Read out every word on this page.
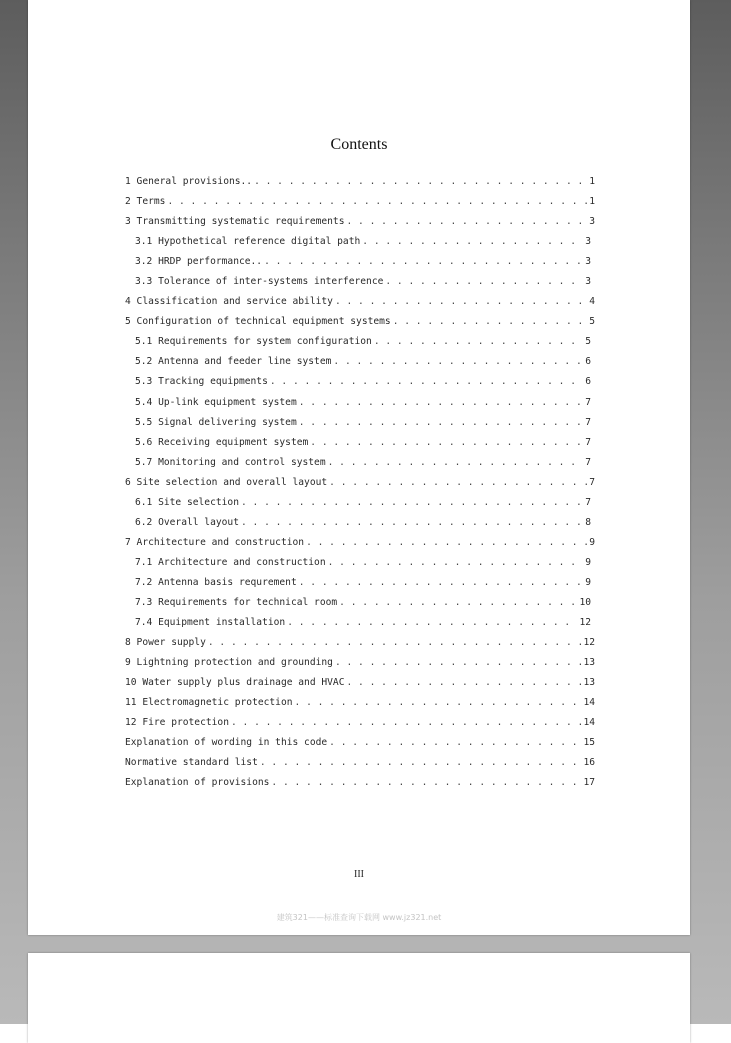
Contents
1 General provisions.. . . .	1
2 Terms . . .	1
3 Transmitting systematic requirements . . .	3
3.1 Hypothetical reference digital path . . .	3
3.2 HRDP performance.. . . .	3
3.3 Tolerance of inter-systems interference . . .	3
4 Classification and service ability . . .	4
5 Configuration of technical equipment systems . . .	5
5.1 Requirements for system configuration . . .	5
5.2 Antenna and feeder line system . . .	6
5.3 Tracking equipments . . .	6
5.4 Up-link equipment system . . .	7
5.5 Signal delivering system . . .	7
5.6 Receiving equipment system . . .	7
5.7 Monitoring and control system . . .	7
6 Site selection and overall layout . . .	7
6.1 Site selection . . .	7
6.2 Overall layout . . .	8
7 Architecture and construction . . .	9
7.1 Architecture and construction . . .	9
7.2 Antenna basis requrement . . .	9
7.3 Requirements for technical room . . .	10
7.4 Equipment installation . . .	12
8 Power supply . . .	12
9 Lightning protection and grounding . . .	13
10 Water supply plus drainage and HVAC . . .	13
11 Electromagnetic protection . . .	14
12 Fire protection . . .	14
Explanation of wording in this code . . .	15
Normative standard list . . .	16
Explanation of provisions . . .	17
III
建筑321——标准查询下载网 www.jz321.net
